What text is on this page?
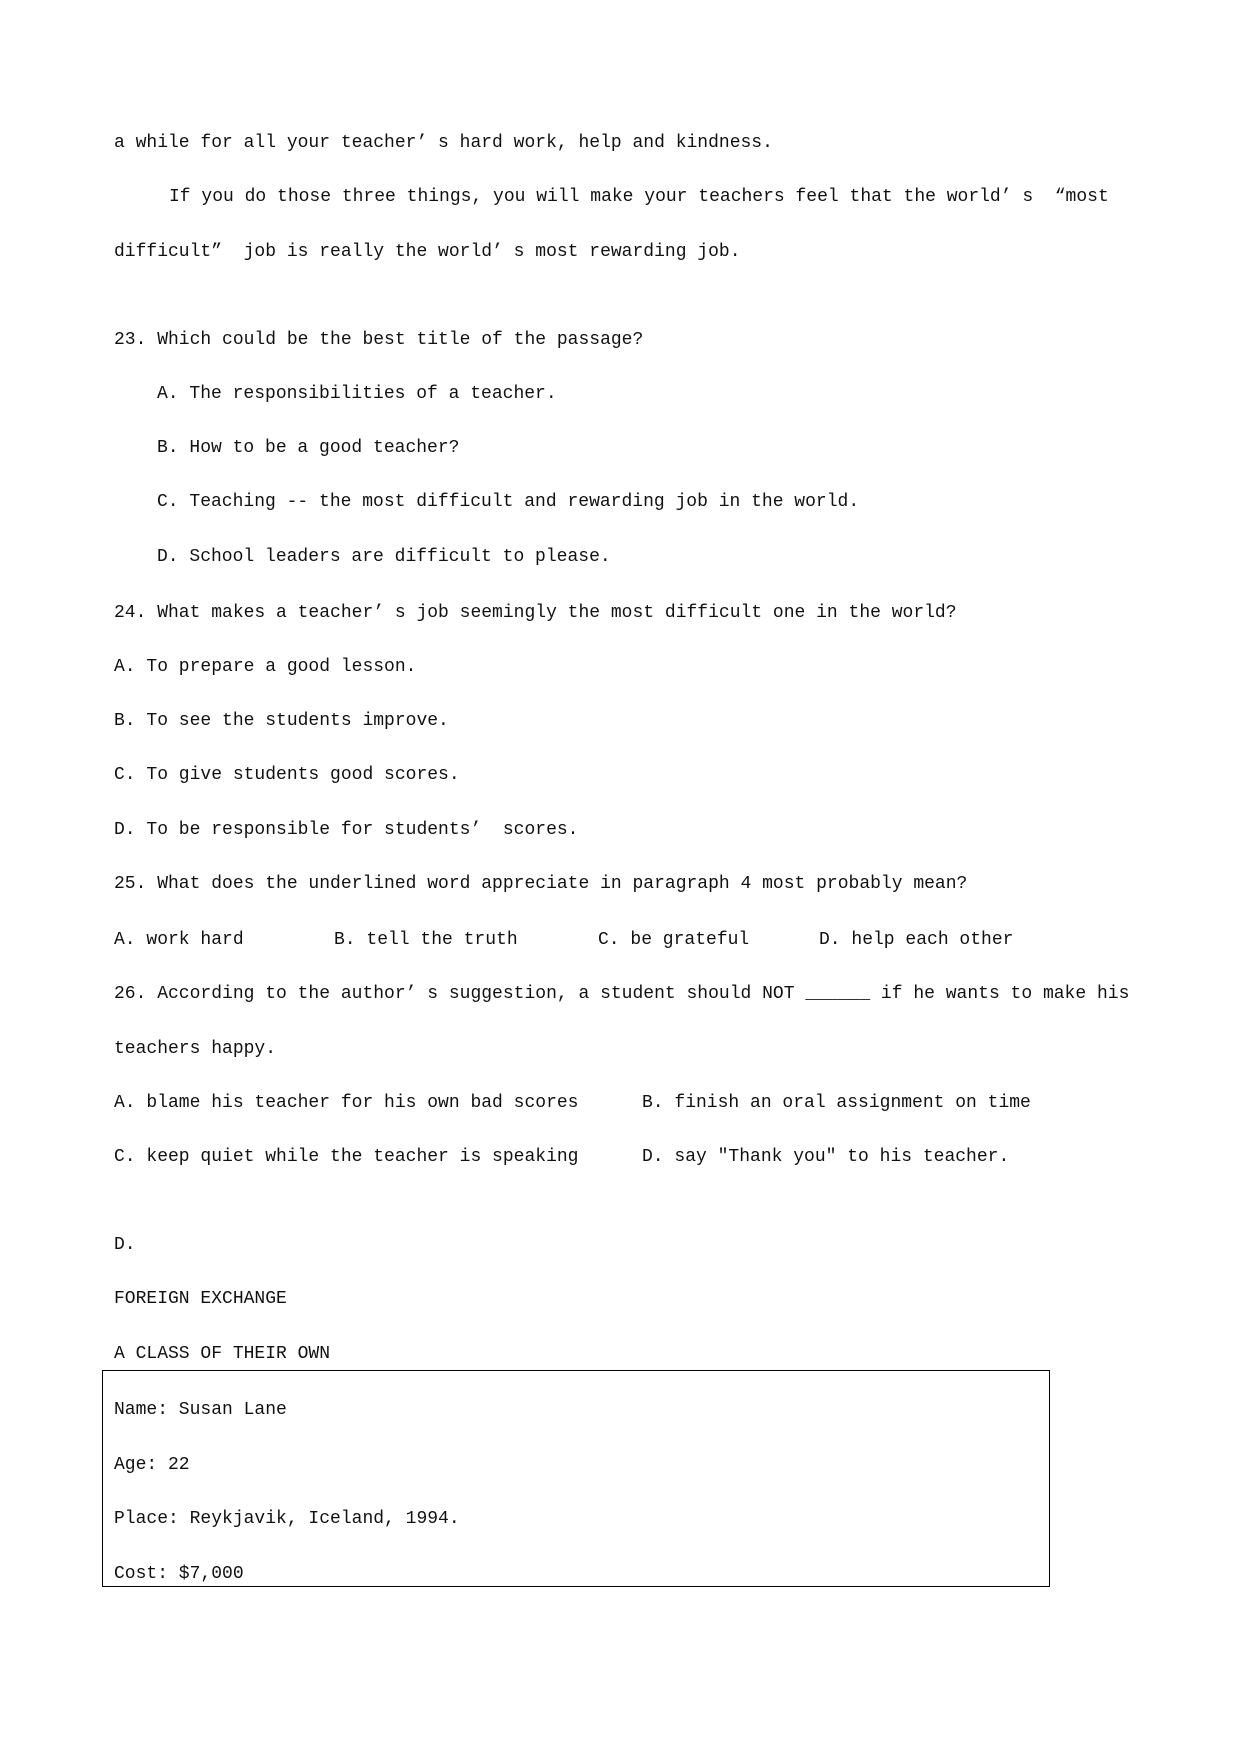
a while for all your teacher’ s hard work, help and kindness.
If you do those three things, you will make your teachers feel that the world’ s  “most
difficult”  job is really the world’ s most rewarding job.
23. Which could be the best title of the passage?
A. The responsibilities of a teacher.
B. How to be a good teacher?
C. Teaching -- the most difficult and rewarding job in the world.
D. School leaders are difficult to please.
24. What makes a teacher’ s job seemingly the most difficult one in the world?
A. To prepare a good lesson.
B. To see the students improve.
C. To give students good scores.
D. To be responsible for students’  scores.
25. What does the underlined word appreciate in paragraph 4 most probably mean?
A. work hard	B. tell the truth	C. be grateful	D. help each other
26. According to the author’ s suggestion, a student should NOT ______ if he wants to make his
teachers happy.
A. blame his teacher for his own bad scores	B. finish an oral assignment on time
C. keep quiet while the teacher is speaking	D. say "Thank you" to his teacher.
D.
FOREIGN EXCHANGE
A CLASS OF THEIR OWN
Name: Susan Lane
Age: 22
Place: Reykjavik, Iceland, 1994.
Cost: $7,000
